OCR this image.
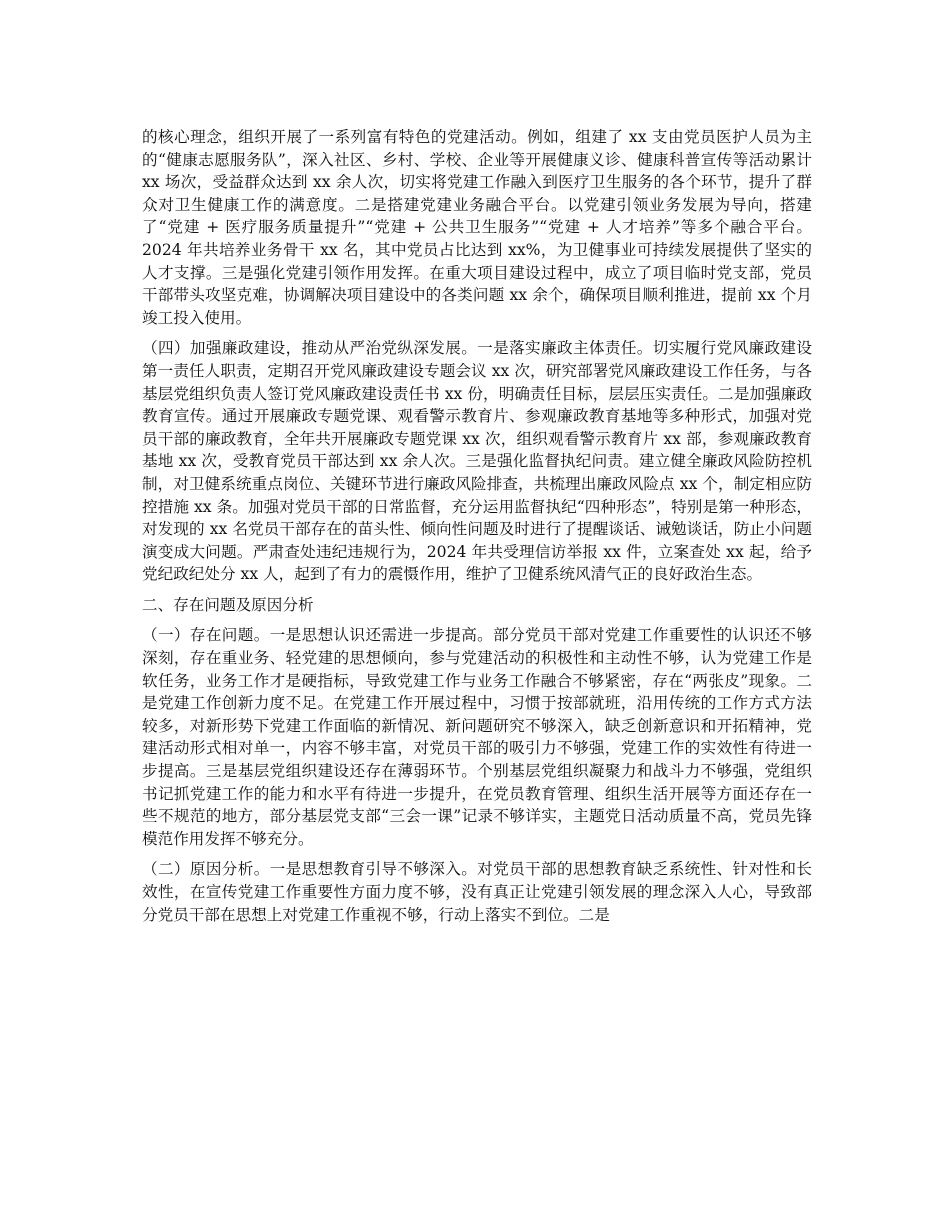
的核心理念，组织开展了一系列富有特色的党建活动。例如，组建了 xx 支由党员医护人员为主的“健康志愿服务队”，深入社区、乡村、学校、企业等开展健康义诊、健康科普宣传等活动累计 xx 场次，受益群众达到 xx 余人次，切实将党建工作融入到医疗卫生服务的各个环节，提升了群众对卫生健康工作的满意度。二是搭建党建业务融合平台。以党建引领业务发展为导向，搭建了“党建 + 医疗服务质量提升”“党建 + 公共卫生服务”“党建 + 人才培养”等多个融合平台。2024 年共培养业务骨干 xx 名，其中党员占比达到 xx%，为卫健事业可持续发展提供了坚实的人才支撑。三是强化党建引领作用发挥。在重大项目建设过程中，成立了项目临时党支部，党员干部带头攻坚克难，协调解决项目建设中的各类问题 xx 余个，确保项目顺利推进，提前 xx 个月竣工投入使用。

（四）加强廉政建设，推动从严治党纵深发展。一是落实廉政主体责任。切实履行党风廉政建设第一责任人职责，定期召开党风廉政建设专题会议 xx 次，研究部署党风廉政建设工作任务，与各基层党组织负责人签订党风廉政建设责任书 xx 份，明确责任目标，层层压实责任。二是加强廉政教育宣传。通过开展廉政专题党课、观看警示教育片、参观廉政教育基地等多种形式，加强对党员干部的廉政教育，全年共开展廉政专题党课 xx 次，组织观看警示教育片 xx 部，参观廉政教育基地 xx 次，受教育党员干部达到 xx 余人次。三是强化监督执纪问责。建立健全廉政风险防控机制，对卫健系统重点岗位、关键环节进行廉政风险排查，共梳理出廉政风险点 xx 个，制定相应防控措施 xx 条。加强对党员干部的日常监督，充分运用监督执纪“四种形态”，特别是第一种形态，对发现的 xx 名党员干部存在的苗头性、倾向性问题及时进行了提醒谈话、诫勉谈话，防止小问题演变成大问题。严肃查处违纪违规行为，2024 年共受理信访举报 xx 件，立案查处 xx 起，给予党纪政纪处分 xx 人，起到了有力的震慑作用，维护了卫健系统风清气正的良好政治生态。

二、存在问题及原因分析

（一）存在问题。一是思想认识还需进一步提高。部分党员干部对党建工作重要性的认识还不够深刻，存在重业务、轻党建的思想倾向，参与党建活动的积极性和主动性不够，认为党建工作是软任务，业务工作才是硬指标，导致党建工作与业务工作融合不够紧密，存在“两张皮”现象。二是党建工作创新力度不足。在党建工作开展过程中，习惯于按部就班，沿用传统的工作方式方法较多，对新形势下党建工作面临的新情况、新问题研究不够深入，缺乏创新意识和开拓精神，党建活动形式相对单一，内容不够丰富，对党员干部的吸引力不够强，党建工作的实效性有待进一步提高。三是基层党组织建设还存在薄弱环节。个别基层党组织凝聚力和战斗力不够强，党组织书记抓党建工作的能力和水平有待进一步提升，在党员教育管理、组织生活开展等方面还存在一些不规范的地方，部分基层党支部“三会一课”记录不够详实，主题党日活动质量不高，党员先锋模范作用发挥不够充分。

（二）原因分析。一是思想教育引导不够深入。对党员干部的思想教育缺乏系统性、针对性和长效性，在宣传党建工作重要性方面力度不够，没有真正让党建引领发展的理念深入人心，导致部分党员干部在思想上对党建工作重视不够，行动上落实不到位。二是
